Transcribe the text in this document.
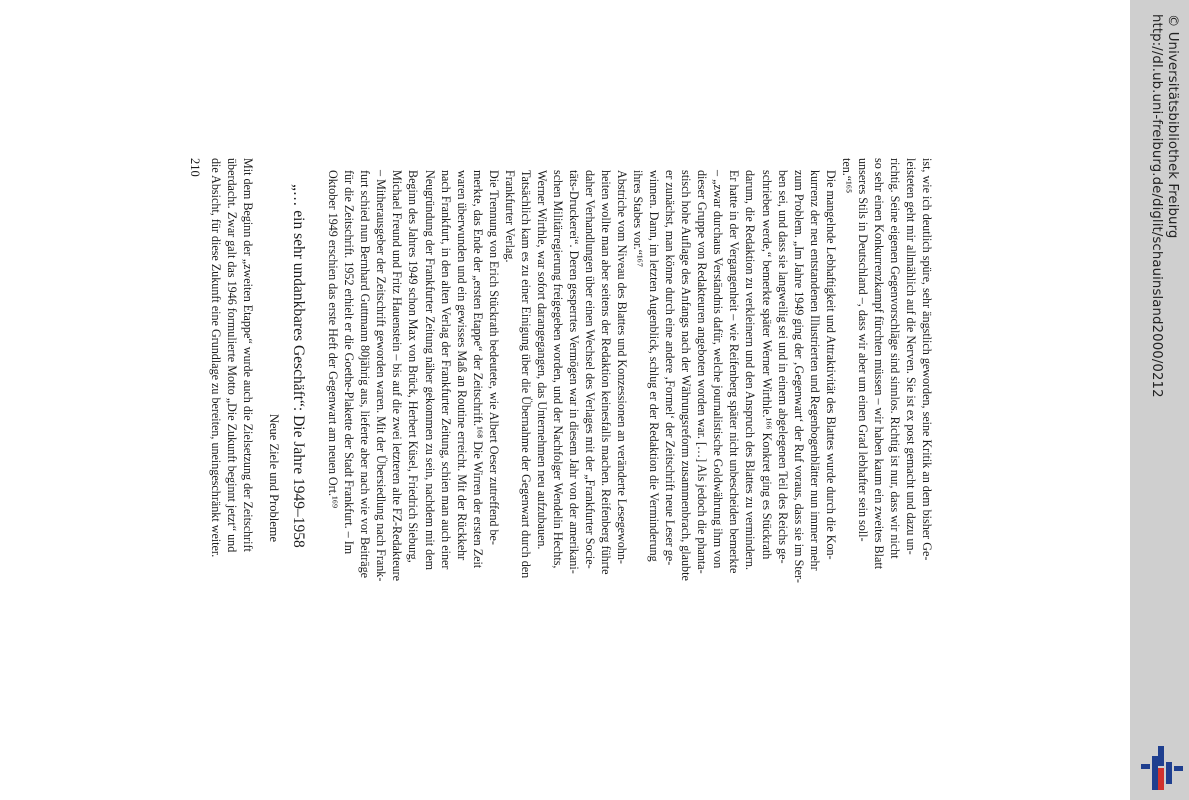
ist, wie ich deutlich spüre, sehr ängstlich geworden, seine Kritik an dem bisher Ge-
leisteten geht mir allmählich auf die Nerven. Sie ist ex post gemacht und dazu un-
richtig. Seine eigenen Gegenvorschläge sind sinnlos. Richtig ist nur, dass wir nicht
so sehr einen Konkurrenzkampf fürchten müssen – wir haben kaum ein zweites Blatt
unseres Stils in Deutschland –, dass wir aber um einen Grad lebhafter sein soll-
ten.“¹⁶⁵

Die mangelnde Lebhaftigkeit und Attraktivität des Blattes wurde durch die Kon-
kurrenz der neu entstandenen Illustrierten und Regenbogenblätter nun immer mehr
zum Problem. „Im Jahre 1949 ging der ‚Gegenwart‘ der Ruf voraus, dass sie im Ster-
ben sei, und dass sie langweilig sei und in einem abgelegenen Teil des Reichs ge-
schrieben werde,“ bemerkte später Werner Wirthle.¹⁶⁶ Konkret ging es Stückrath
darum, die Redaktion zu verkleinern und den Anspruch des Blattes zu vermindern.
Er hatte in der Vergangenheit – wie Reifenberg später nicht unbescheiden bemerkte
– „zwar durchaus Verständnis dafür, welche journalistische Goldwährung ihm von
dieser Gruppe von Redakteuren angeboten worden war. […] Als jedoch die phanta-
stisch hohe Auflage des Anfangs nach der Währungsreform zusammenbrach, glaubte
er zunächst, man könne durch eine andere ‚Formel‘ der Zeitschrift neue Leser ge-
winnen. Dann, im letzten Augenblick, schlug er der Redaktion die Verminderung
ihres Stabes vor.“¹⁶⁷

Abstriche vom Niveau des Blattes und Konzessionen an veränderte Lesegewohn-
heiten wollte man aber seitens der Redaktion keinesfalls machen. Reifenberg führte
daher Verhandlungen über einen Wechsel des Verlages mit der „Frankfurter Socie-
täts-Druckerei“. Deren gesperrtes Vermögen war in diesem Jahr von der amerikani-
schen Militärregierung freigegeben worden, und der Nachfolger Wendelin Hechts,
Werner Wirthle, war sofort darangegangen, das Unternehmen neu aufzubauen.
Tatsächlich kam es zu einer Einigung über die Übernahme der Gegenwart durch den
Frankfurter Verlag.

Die Trennung von Erich Stückrath bedeutete, wie Albert Oeser zutreffend be-
merkte, das Ende der „ersten Etappe“ der Zeitschrift.¹⁶⁸ Die Wirren der ersten Zeit
waren überwunden und ein gewisses Maß an Routine erreicht. Mit der Rückkehr
nach Frankfurt, in den alten Verlag der Frankfurter Zeitung, schien man auch einer
Neugründung der Frankfurter Zeitung näher gekommen zu sein, nachdem mit dem
Beginn des Jahres 1949 schon Max von Brück, Herbert Küsel, Friedrich Sieburg,
Michael Freund und Fritz Hauenstein – bis auf die zwei letzteren alte FZ-Redakteure
– Mitherausgeber der Zeitschrift geworden waren. Mit der Übersiedlung nach Frank-
furt schied nun Bernhard Guttmann 80jährig aus, lieferte aber nach wie vor Beiträge
für die Zeitschrift. 1952 erhielt er die Goethe-Plakette der Stadt Frankfurt. – Im
Oktober 1949 erschien das erste Heft der Gegenwart am neuen Ort.¹⁶⁹

„… ein sehr undankbares Geschäft“: Die Jahre 1949–1958
Neue Ziele und Probleme

Mit dem Beginn der „zweiten Etappe“ wurde auch die Zielsetzung der Zeitschrift
überdacht. Zwar galt das 1946 formulierte Motto „Die Zukunft beginnt jetzt“ und
die Absicht, für diese Zukunft eine Grundlage zu bereiten, uneingeschränkt weiter.

210	http://dl.ub.uni-freiburg.de/diglit/schauinsland2000/0212 © Universitätsbibliothek Freiburg
